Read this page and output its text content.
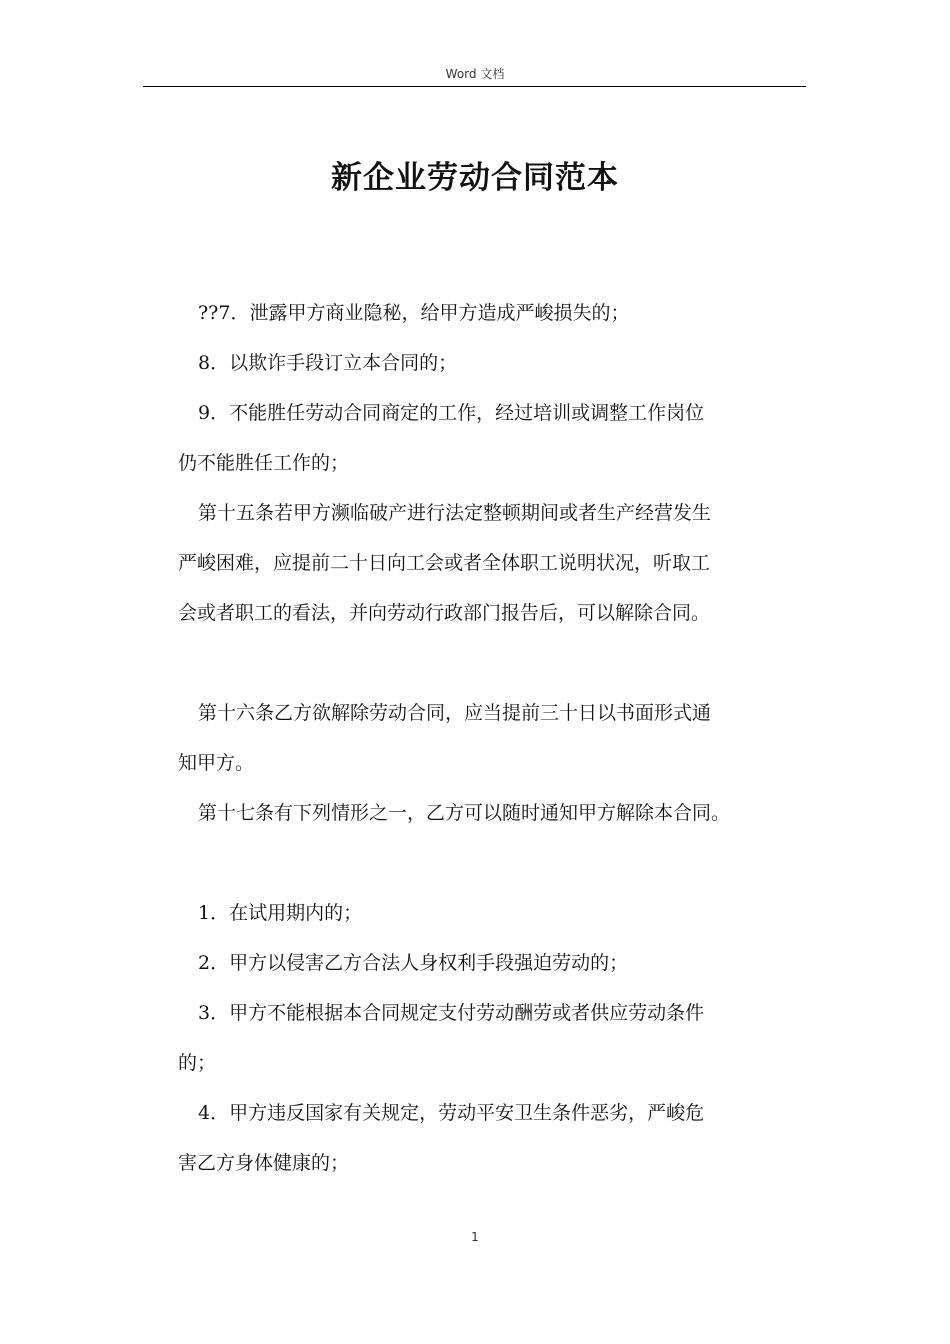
Word 文档
新企业劳动合同范本

??7．泄露甲方商业隐秘，给甲方造成严峻损失的；

8．以欺诈手段订立本合同的；

9．不能胜任劳动合同商定的工作，经过培训或调整工作岗位

仍不能胜任工作的；

第十五条若甲方濒临破产进行法定整顿期间或者生产经营发生

严峻困难，应提前二十日向工会或者全体职工说明状况，听取工

会或者职工的看法，并向劳动行政部门报告后，可以解除合同。

第十六条乙方欲解除劳动合同，应当提前三十日以书面形式通

知甲方。

第十七条有下列情形之一，乙方可以随时通知甲方解除本合同。

1．在试用期内的；

2．甲方以侵害乙方合法人身权利手段强迫劳动的；

3．甲方不能根据本合同规定支付劳动酬劳或者供应劳动条件

的；

4．甲方违反国家有关规定，劳动平安卫生条件恶劣，严峻危

害乙方身体健康的；

1
